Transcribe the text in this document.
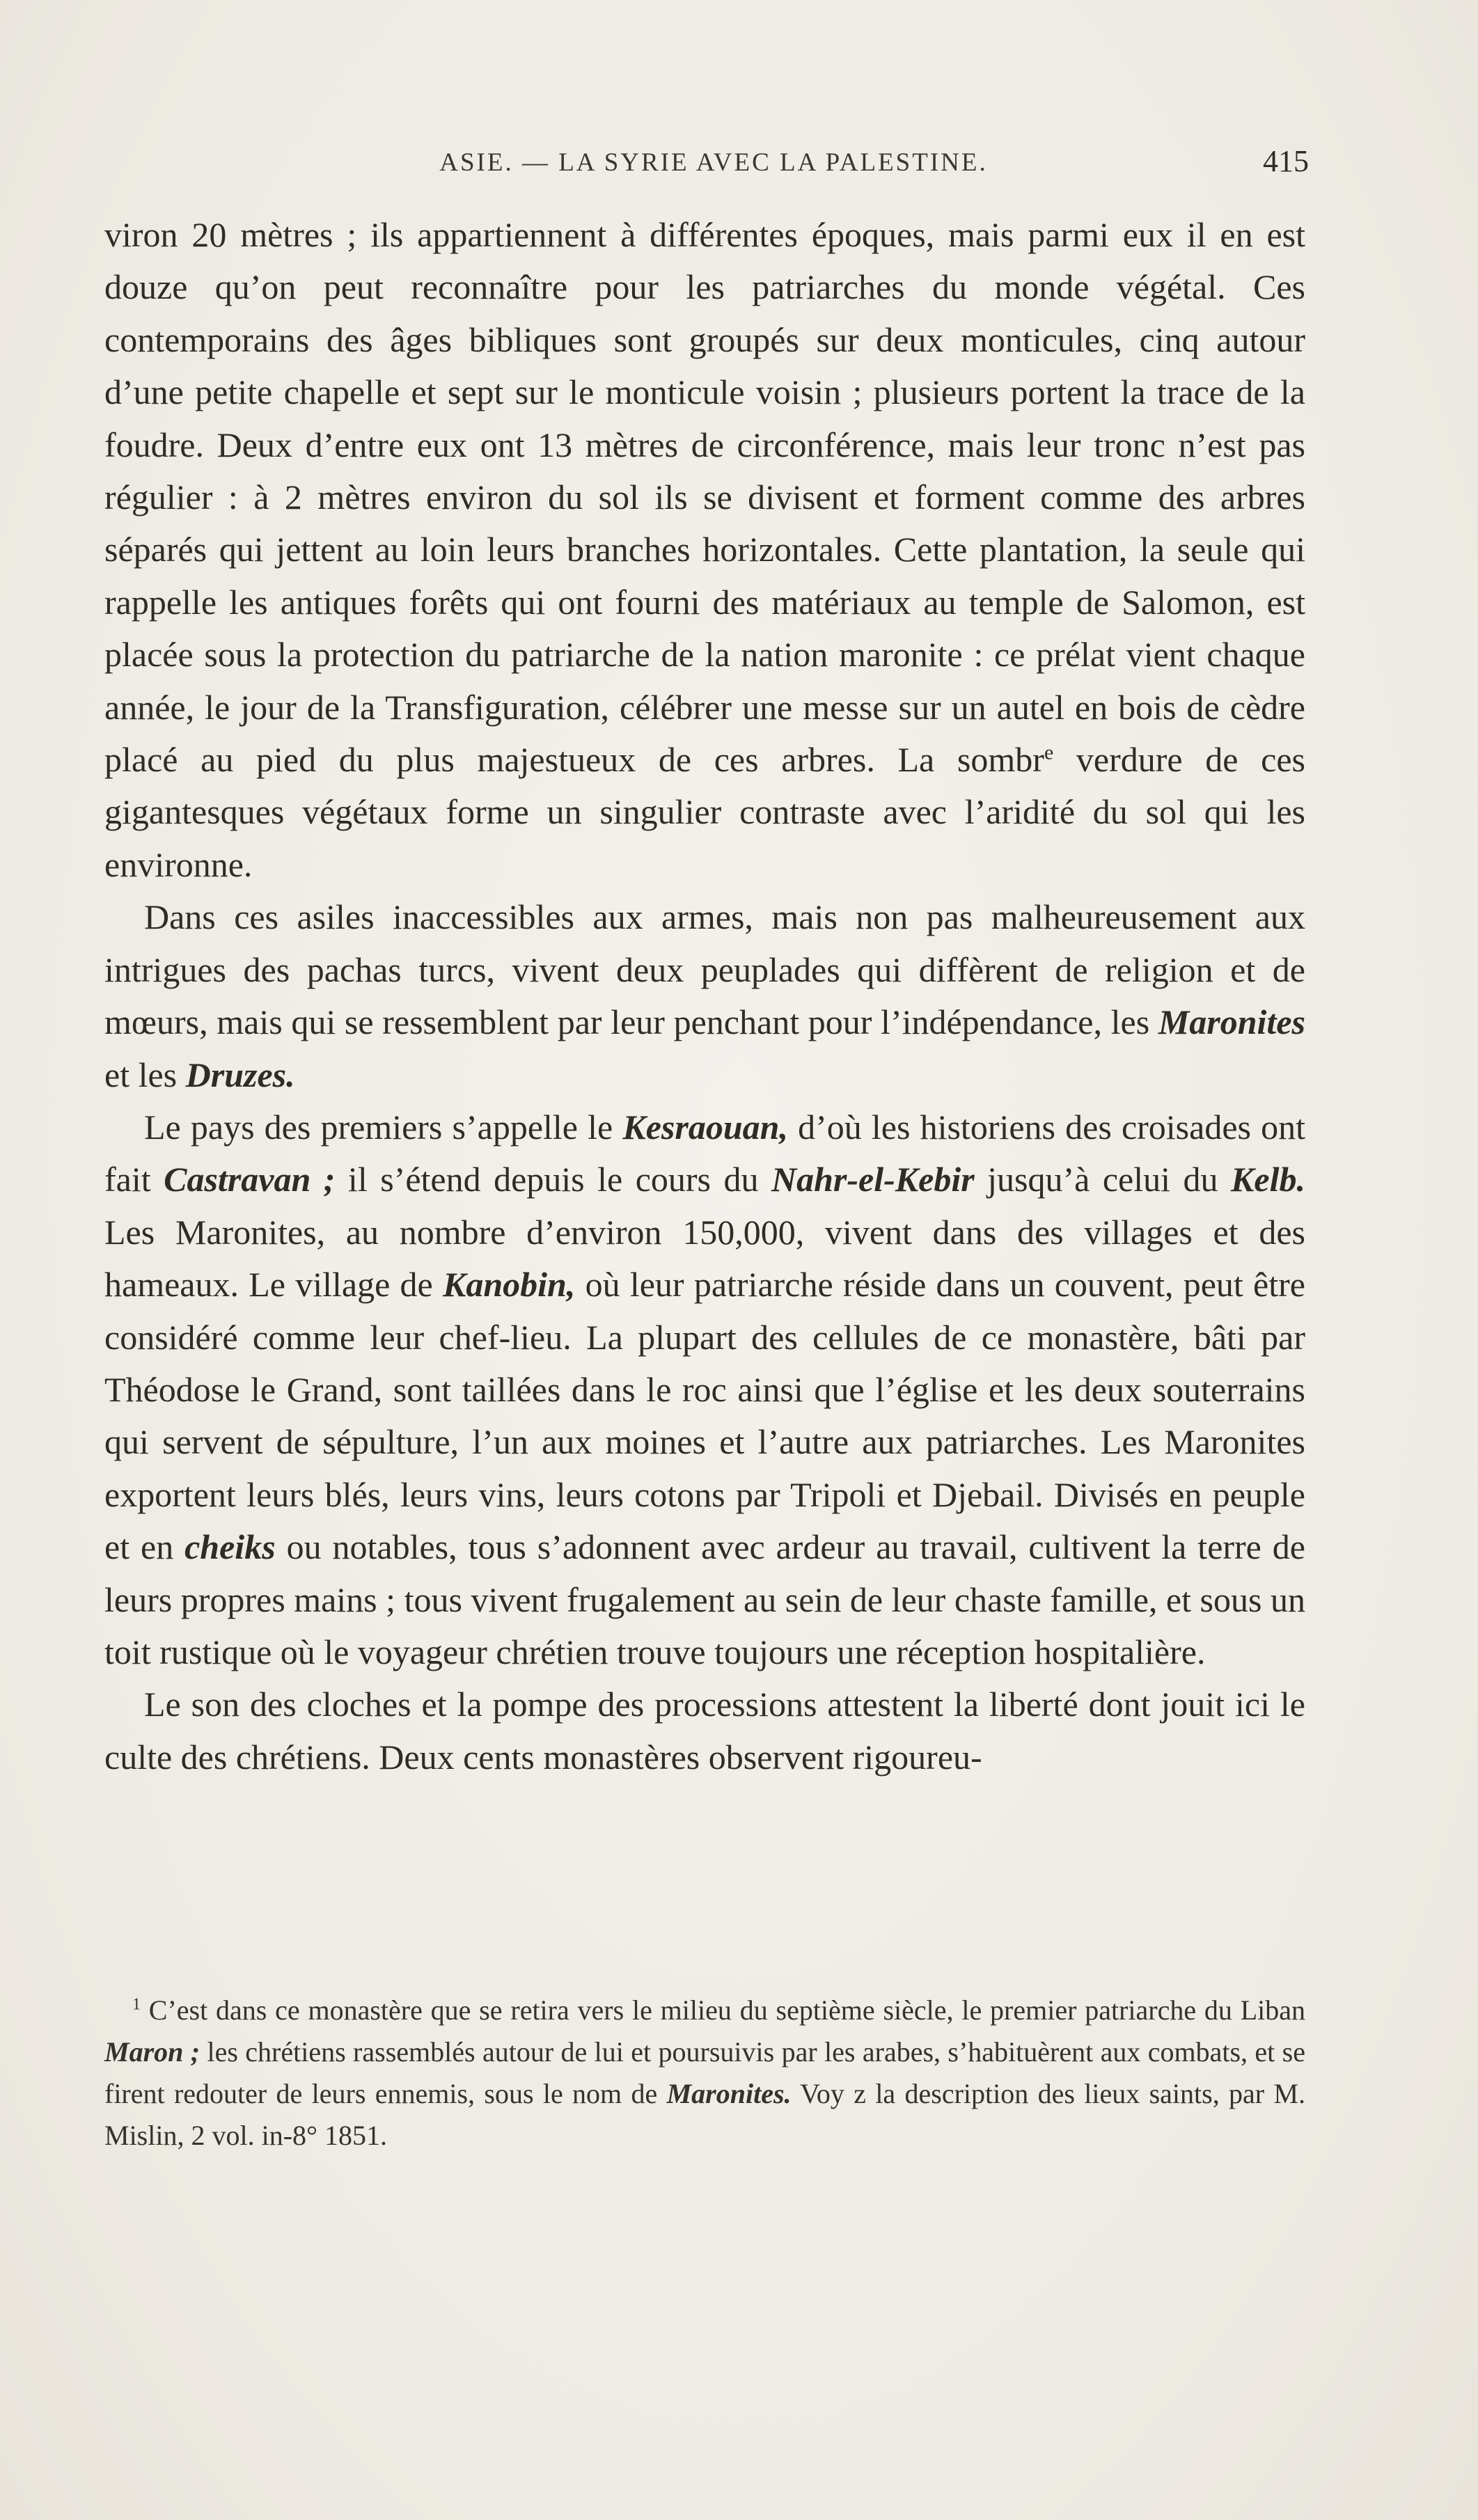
ASIE. — LA SYRIE AVEC LA PALESTINE.	415

viron 20 mètres ; ils appartiennent à différentes époques, mais parmi eux il en est douze qu’on peut reconnaître pour les patriarches du monde végétal. Ces contemporains des âges bibliques sont groupés sur deux monticules, cinq autour d’une petite chapelle et sept sur le monticule voisin ; plusieurs portent la trace de la foudre. Deux d’entre eux ont 13 mètres de circonférence, mais leur tronc n’est pas régulier : à 2 mètres environ du sol ils se divisent et forment comme des arbres séparés qui jettent au loin leurs branches horizontales. Cette plantation, la seule qui rappelle les antiques forêts qui ont fourni des matériaux au temple de Salomon, est placée sous la protection du patriarche de la nation maronite : ce prélat vient chaque année, le jour de la Transfiguration, célébrer une messe sur un autel en bois de cèdre placé au pied du plus majestueux de ces arbres. La sombr$^e$ verdure de ces gigantesques végétaux forme un singulier contraste avec l’aridité du sol qui les environne.

Dans ces asiles inaccessibles aux armes, mais non pas malheureusement aux intrigues des pachas turcs, vivent deux peuplades qui diffèrent de religion et de mœurs, mais qui se ressemblent par leur penchant pour l’indépendance, les Maronites et les Druzes.

Le pays des premiers s’appelle le Kesraouan, d’où les historiens des croisades ont fait Castravan ; il s’étend depuis le cours du Nahr-el-Kebir jusqu’à celui du Kelb. Les Maronites, au nombre d’environ 150,000, vivent dans des villages et des hameaux. Le village de Kanobin, où leur patriarche réside dans un couvent, peut être considéré comme leur chef-lieu. La plupart des cellules de ce monastère, bâti par Théodose le Grand, sont taillées dans le roc ainsi que l’église et les deux souterrains qui servent de sépulture, l’un aux moines et l’autre aux patriarches. Les Maronites exportent leurs blés, leurs vins, leurs cotons par Tripoli et Djebail. Divisés en peuple et en cheiks ou notables, tous s’adonnent avec ardeur au travail, cultivent la terre de leurs propres mains ; tous vivent frugalement au sein de leur chaste famille, et sous un toit rustique où le voyageur chrétien trouve toujours une réception hospitalière.

Le son des cloches et la pompe des processions attestent la liberté dont jouit ici le culte des chrétiens. Deux cents monastères observent rigoureu-

$^1$ C’est dans ce monastère que se retira vers le milieu du septième siècle, le premier patriarche du Liban Maron ; les chrétiens rassemblés autour de lui et poursuivis par les arabes, s’habituèrent aux combats, et se firent redouter de leurs ennemis, sous le nom de Maronites. Voy z la description des lieux saints, par M. Mislin, 2 vol. in-8° 1851.
